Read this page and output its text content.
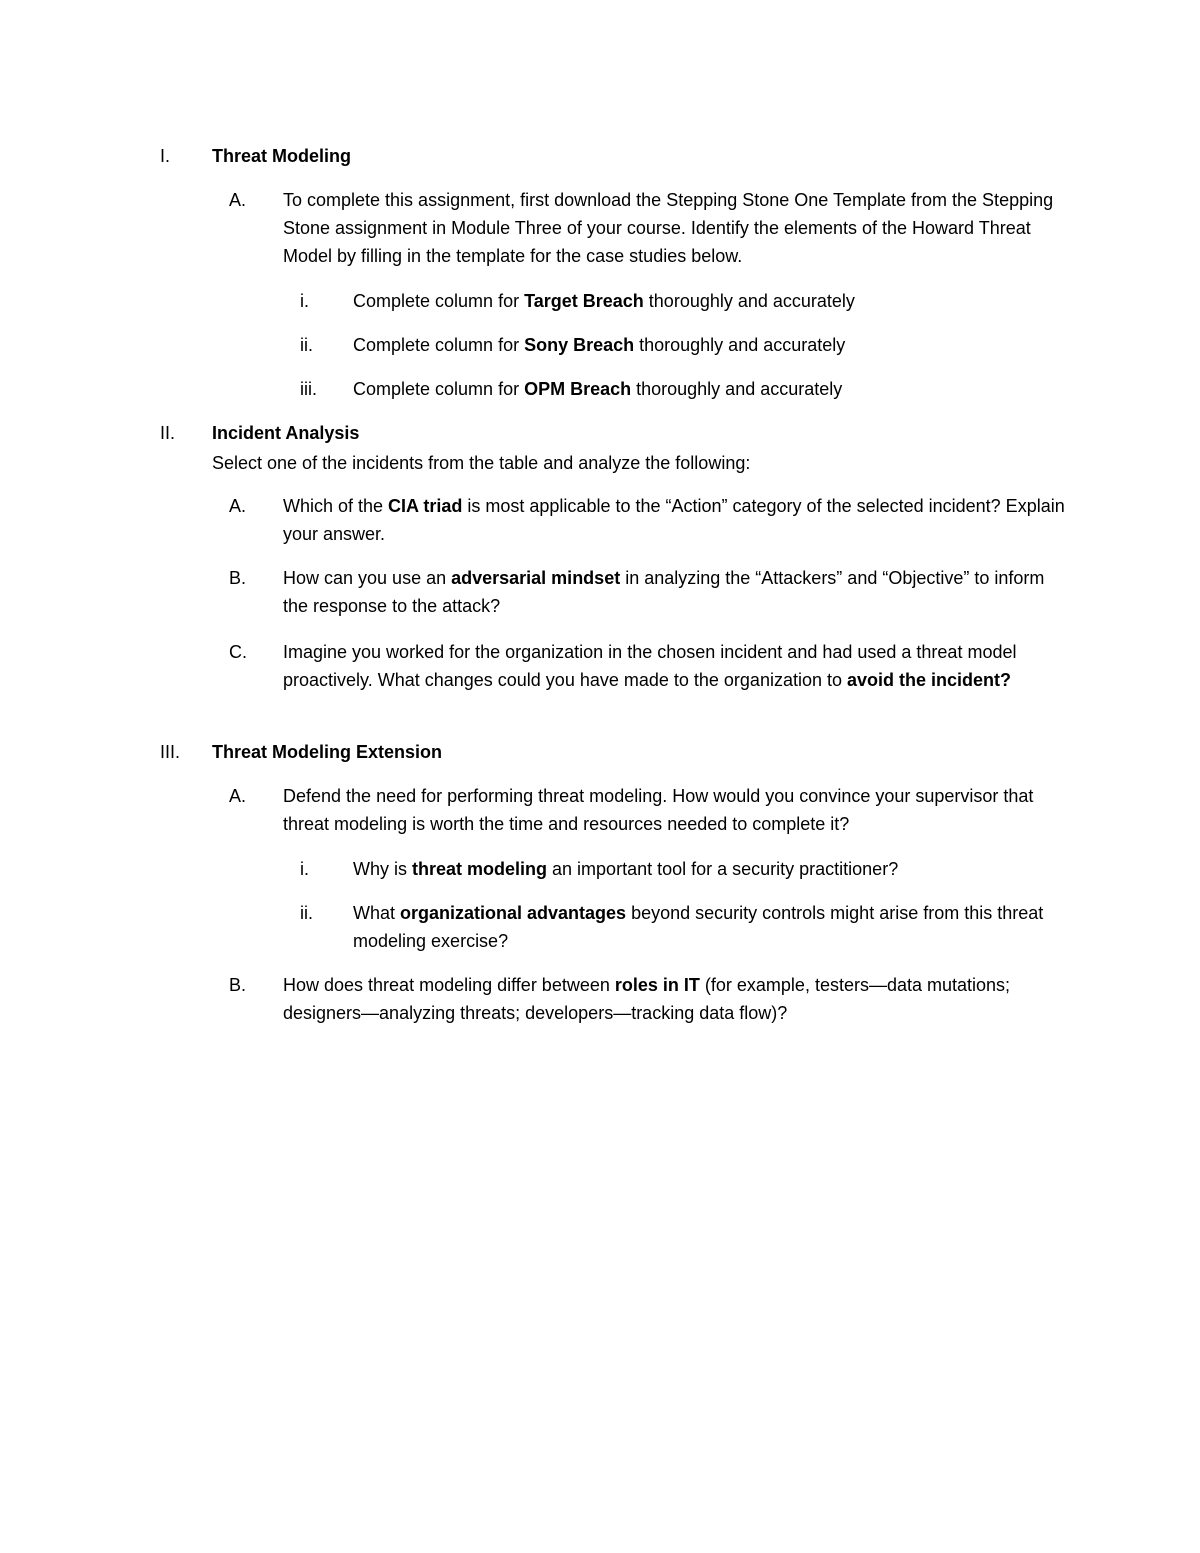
I. Threat Modeling
A. To complete this assignment, first download the Stepping Stone One Template from the Stepping Stone assignment in Module Three of your course. Identify the elements of the Howard Threat Model by filling in the template for the case studies below.
i. Complete column for Target Breach thoroughly and accurately
ii. Complete column for Sony Breach thoroughly and accurately
iii. Complete column for OPM Breach thoroughly and accurately
II. Incident Analysis
Select one of the incidents from the table and analyze the following:
A. Which of the CIA triad is most applicable to the “Action” category of the selected incident? Explain your answer.
B. How can you use an adversarial mindset in analyzing the “Attackers” and “Objective” to inform the response to the attack?
C. Imagine you worked for the organization in the chosen incident and had used a threat model proactively. What changes could you have made to the organization to avoid the incident?
III. Threat Modeling Extension
A. Defend the need for performing threat modeling. How would you convince your supervisor that threat modeling is worth the time and resources needed to complete it?
i. Why is threat modeling an important tool for a security practitioner?
ii. What organizational advantages beyond security controls might arise from this threat modeling exercise?
B. How does threat modeling differ between roles in IT (for example, testers—data mutations; designers—analyzing threats; developers—tracking data flow)?
